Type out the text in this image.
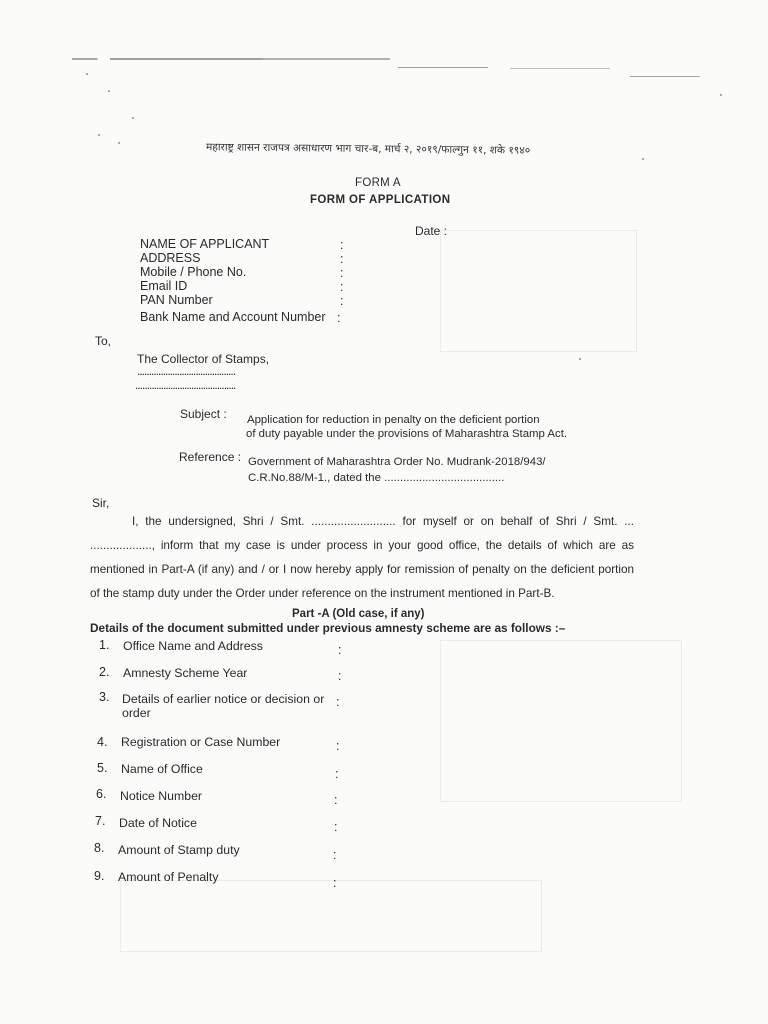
महाराष्ट्र शासन राजपत्र असाधारण भाग चार-ब, मार्च २, २०१९/फाल्गुन ११, शके १९४०
FORM A
FORM OF APPLICATION
Date :
NAME OF APPLICANT	:
ADDRESS	:
Mobile / Phone No.	:
Email ID	:
PAN Number	:
Bank Name and Account Number :
To,
The Collector of Stamps,
..........................................
...........................................
Subject : Application for reduction in penalty on the deficient portion
of duty payable under the provisions of Maharashtra Stamp Act.
Reference : Government of Maharashtra Order No. Mudrank-2018/943/
C.R.No.88/M-1., dated the ......................................
Sir,
I, the undersigned, Shri / Smt. .......................... for myself or on behalf of Shri / Smt. ... ..................., inform that my case is under process in your good office, the details of which are as mentioned in Part-A (if any) and / or I now hereby apply for remission of penalty on the deficient portion of the stamp duty under the Order under reference on the instrument mentioned in Part-B.
Part -A (Old case, if any)
Details of the document submitted under previous amnesty scheme are as follows :–
1. Office Name and Address	:
2. Amnesty Scheme Year	:
3. Details of earlier notice or decision or :
order
4. Registration or Case Number	:
5. Name of Office	:
6. Notice Number	:
7. Date of Notice	:
8. Amount of Stamp duty	:
9. Amount of Penalty	:
